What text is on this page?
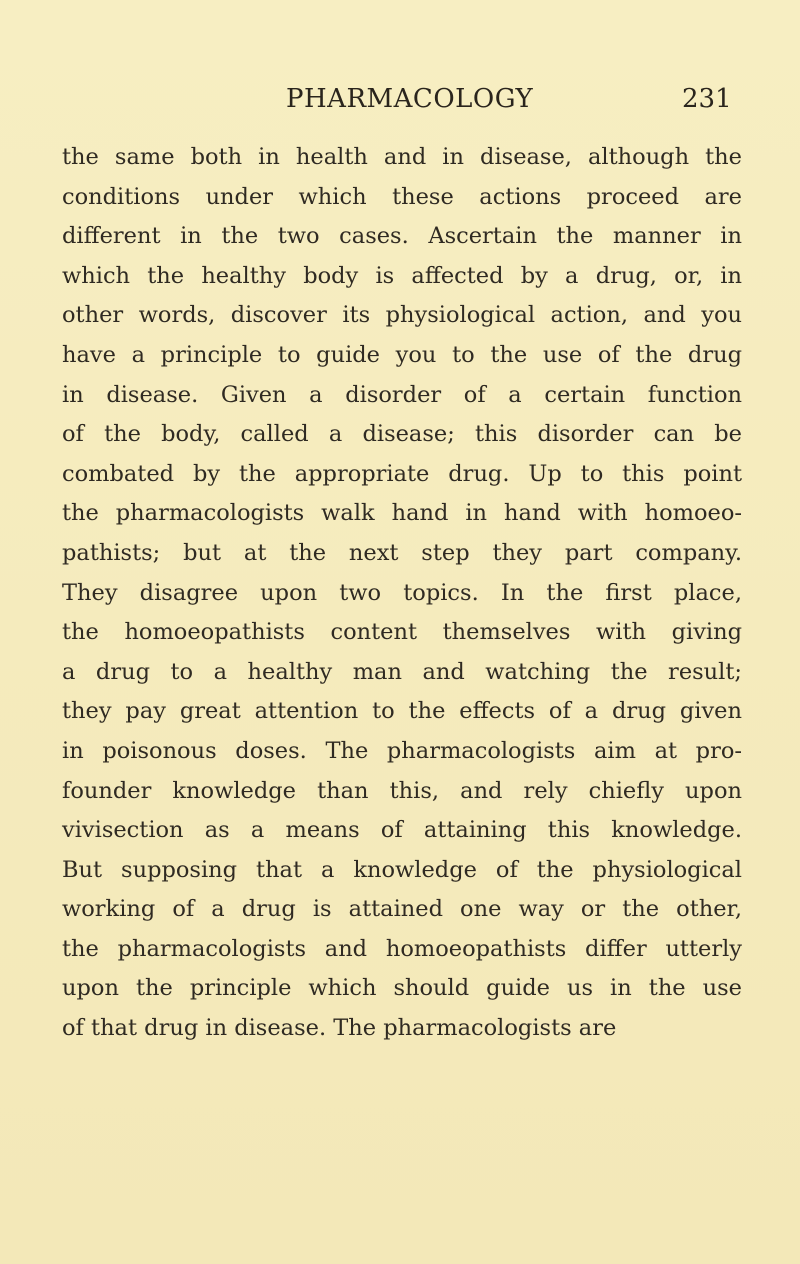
PHARMACOLOGY	231
the same both in health and in disease, although the
conditions under which these actions proceed are
different in the two cases. Ascertain the manner in
which the healthy body is affected by a drug, or, in
other words, discover its physiological action, and you
have a principle to guide you to the use of the drug
in disease. Given a disorder of a certain function
of the body, called a disease; this disorder can be
combated by the appropriate drug. Up to this point
the pharmacologists walk hand in hand with homoeo-
pathists; but at the next step they part company.
They disagree upon two topics. In the first place,
the homoeopathists content themselves with giving
a drug to a healthy man and watching the result;
they pay great attention to the effects of a drug given
in poisonous doses. The pharmacologists aim at pro-
founder knowledge than this, and rely chiefly upon
vivisection as a means of attaining this knowledge.
But supposing that a knowledge of the physiological
working of a drug is attained one way or the other,
the pharmacologists and homoeopathists differ utterly
upon the principle which should guide us in the use
of that drug in disease. The pharmacologists are
